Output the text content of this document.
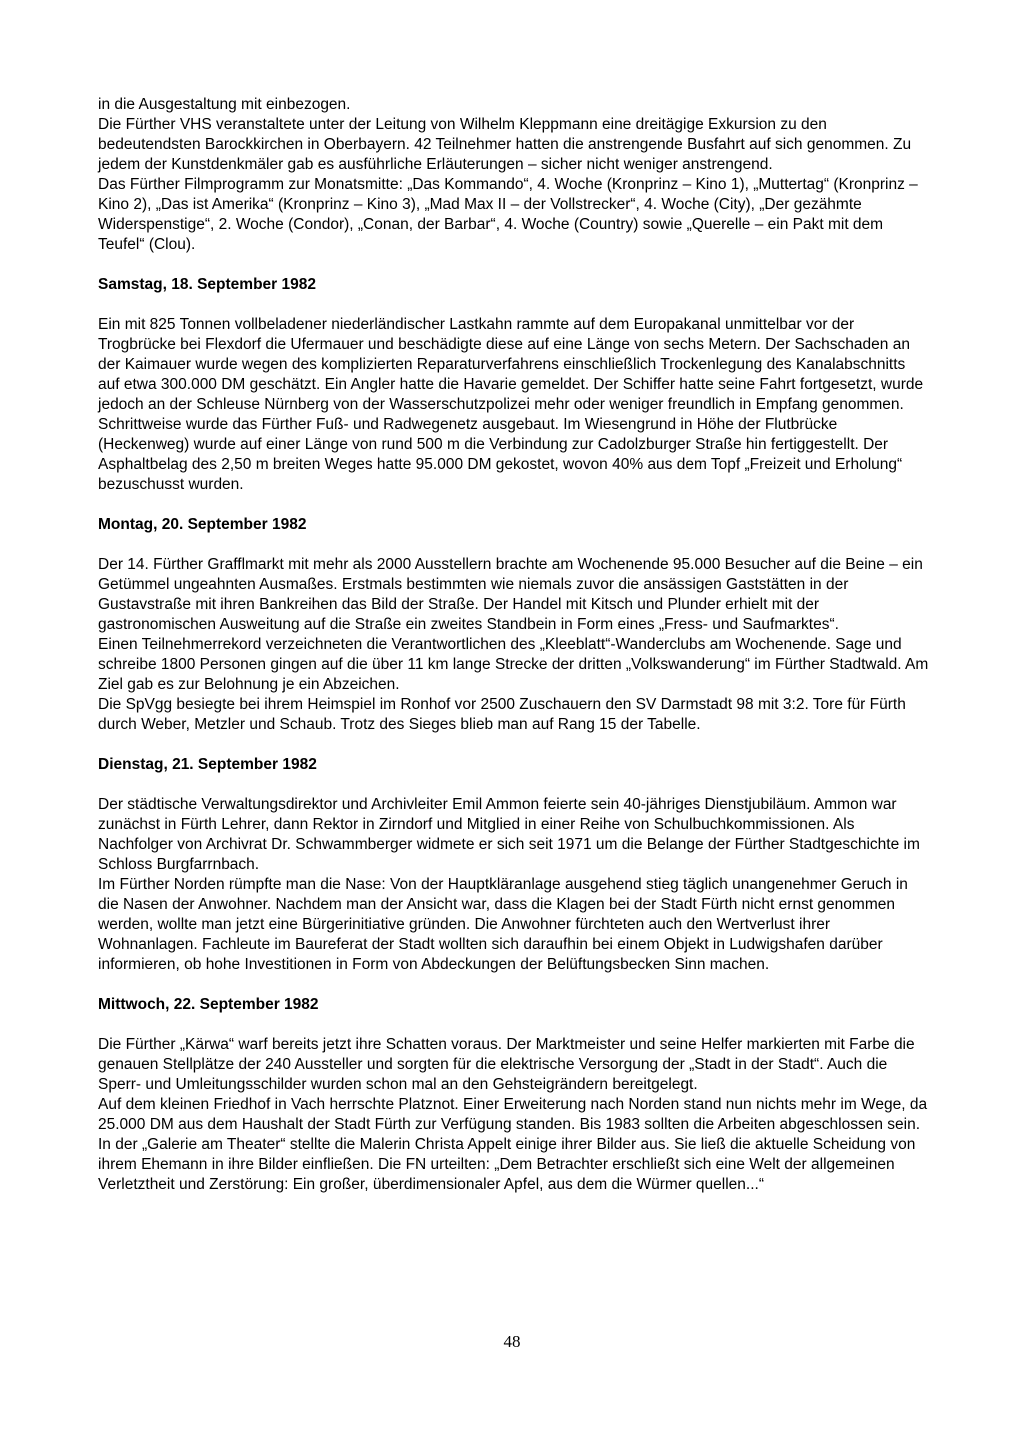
in die Ausgestaltung mit einbezogen.

Die Fürther VHS veranstaltete unter der Leitung von Wilhelm Kleppmann eine dreitägige Exkursion zu den bedeutendsten Barockkirchen in Oberbayern. 42 Teilnehmer hatten die anstrengende Busfahrt auf sich genommen. Zu jedem der Kunstdenkmäler gab es ausführliche Erläuterungen – sicher nicht weniger anstrengend.

Das Fürther Filmprogramm zur Monatsmitte: „Das Kommando“, 4. Woche (Kronprinz – Kino 1), „Muttertag“ (Kronprinz – Kino 2), „Das ist Amerika“ (Kronprinz – Kino 3), „Mad Max II – der Vollstrecker“, 4. Woche (City), „Der gezähmte Widerspenstige“, 2. Woche (Condor), „Conan, der Barbar“, 4. Woche (Country) sowie „Querelle – ein Pakt mit dem Teufel“ (Clou).

Samstag, 18. September 1982

Ein mit 825 Tonnen vollbeladener niederländischer Lastkahn rammte auf dem Europakanal unmittelbar vor der Trogbrücke bei Flexdorf die Ufermauer und beschädigte diese auf eine Länge von sechs Metern. Der Sachschaden an der Kaimauer wurde wegen des komplizierten Reparaturverfahrens einschließlich Trockenlegung des Kanalabschnitts auf etwa 300.000 DM geschätzt. Ein Angler hatte die Havarie gemeldet. Der Schiffer hatte seine Fahrt fortgesetzt, wurde jedoch an der Schleuse Nürnberg von der Wasserschutzpolizei mehr oder weniger freundlich in Empfang genommen.

Schrittweise wurde das Fürther Fuß- und Radwegenetz ausgebaut. Im Wiesengrund in Höhe der Flutbrücke (Heckenweg) wurde auf einer Länge von rund 500 m die Verbindung zur Cadolzburger Straße hin fertiggestellt. Der Asphaltbelag des 2,50 m breiten Weges hatte 95.000 DM gekostet, wovon 40% aus dem Topf „Freizeit und Erholung“ bezuschusst wurden.

Montag, 20. September 1982

Der 14. Fürther Grafflmarkt mit mehr als 2000 Ausstellern brachte am Wochenende 95.000 Besucher auf die Beine – ein Getümmel ungeahnten Ausmaßes. Erstmals bestimmten wie niemals zuvor die ansässigen Gaststätten in der Gustavstraße mit ihren Bankreihen das Bild der Straße. Der Handel mit Kitsch und Plunder erhielt mit der gastronomischen Ausweitung auf die Straße ein zweites Standbein in Form eines „Fress- und Saufmarktes“.

Einen Teilnehmerrekord verzeichneten die Verantwortlichen des „Kleeblatt“-Wanderclubs am Wochenende. Sage und schreibe 1800 Personen gingen auf die über 11 km lange Strecke der dritten „Volkswanderung“ im Fürther Stadtwald. Am Ziel gab es zur Belohnung je ein Abzeichen.

Die SpVgg besiegte bei ihrem Heimspiel im Ronhof vor 2500 Zuschauern den SV Darmstadt 98 mit 3:2. Tore für Fürth durch Weber, Metzler und Schaub. Trotz des Sieges blieb man auf Rang 15 der Tabelle.

Dienstag, 21. September 1982

Der städtische Verwaltungsdirektor und Archivleiter Emil Ammon feierte sein 40-jähriges Dienstjubiläum. Ammon war zunächst in Fürth Lehrer, dann Rektor in Zirndorf und Mitglied in einer Reihe von Schulbuchkommissionen. Als Nachfolger von Archivrat Dr. Schwammberger widmete er sich seit 1971 um die Belange der Fürther Stadtgeschichte im Schloss Burgfarrnbach.

Im Fürther Norden rümpfte man die Nase: Von der Hauptkläranlage ausgehend stieg täglich unangenehmer Geruch in die Nasen der Anwohner. Nachdem man der Ansicht war, dass die Klagen bei der Stadt Fürth nicht ernst genommen werden, wollte man jetzt eine Bürgerinitiative gründen. Die Anwohner fürchteten auch den Wertverlust ihrer Wohnanlagen. Fachleute im Baureferat der Stadt wollten sich daraufhin bei einem Objekt in Ludwigshafen darüber informieren, ob hohe Investitionen in Form von Abdeckungen der Belüftungsbecken Sinn machen.

Mittwoch, 22. September 1982

Die Fürther „Kärwa“ warf bereits jetzt ihre Schatten voraus. Der Marktmeister und seine Helfer markierten mit Farbe die genauen Stellplätze der 240 Aussteller und sorgten für die elektrische Versorgung der „Stadt in der Stadt“. Auch die Sperr- und Umleitungsschilder wurden schon mal an den Gehsteigrändern bereitgelegt.

Auf dem kleinen Friedhof in Vach herrschte Platznot. Einer Erweiterung nach Norden stand nun nichts mehr im Wege, da 25.000 DM aus dem Haushalt der Stadt Fürth zur Verfügung standen. Bis 1983 sollten die Arbeiten abgeschlossen sein.

In der „Galerie am Theater“ stellte die Malerin Christa Appelt einige ihrer Bilder aus. Sie ließ die aktuelle Scheidung von ihrem Ehemann in ihre Bilder einfließen. Die FN urteilten: „Dem Betrachter erschließt sich eine Welt der allgemeinen Verletztheit und Zerstörung: Ein großer, überdimensionaler Apfel, aus dem die Würmer quellen...“

48
